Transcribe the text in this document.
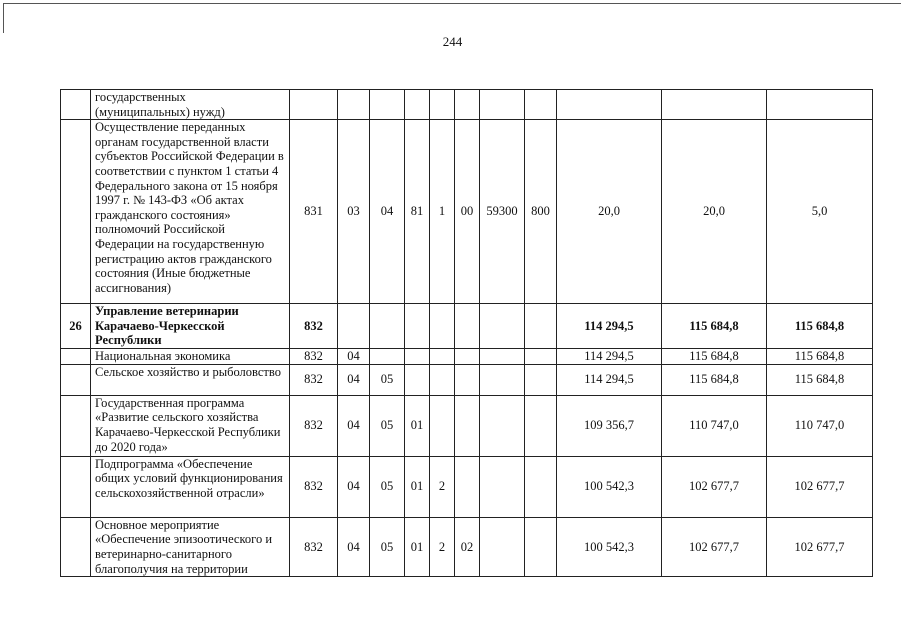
244
	государственных
(муниципальных) нужд)											
	Осуществление переданных органам государственной власти субъектов Российской Федерации в соответствии с пунктом 1 статьи 4 Федерального закона от 15 ноября 1997 г. № 143-ФЗ «Об актах гражданского состояния» полномочий Российской Федерации на государственную регистрацию актов гражданского состояния (Иные бюджетные ассигнования)	831	03	04	81	1	00	59300	800	20,0	20,0	5,0
26	Управление ветеринарии Карачаево-Черкесской Республики	832								114 294,5	115 684,8	115 684,8
	Национальная экономика	832	04							114 294,5	115 684,8	115 684,8
	Сельское хозяйство и рыболовство	832	04	05						114 294,5	115 684,8	115 684,8
	Государственная программа «Развитие сельского хозяйства Карачаево-Черкесской Республики до 2020 года»	832	04	05	01					109 356,7	110 747,0	110 747,0
	Подпрограмма «Обеспечение общих условий функционирования сельскохозяйственной отрасли»	832	04	05	01	2				100 542,3	102 677,7	102 677,7
	Основное мероприятие «Обеспечение эпизоотического и ветеринарно-санитарного благополучия на территории	832	04	05	01	2	02			100 542,3	102 677,7	102 677,7
